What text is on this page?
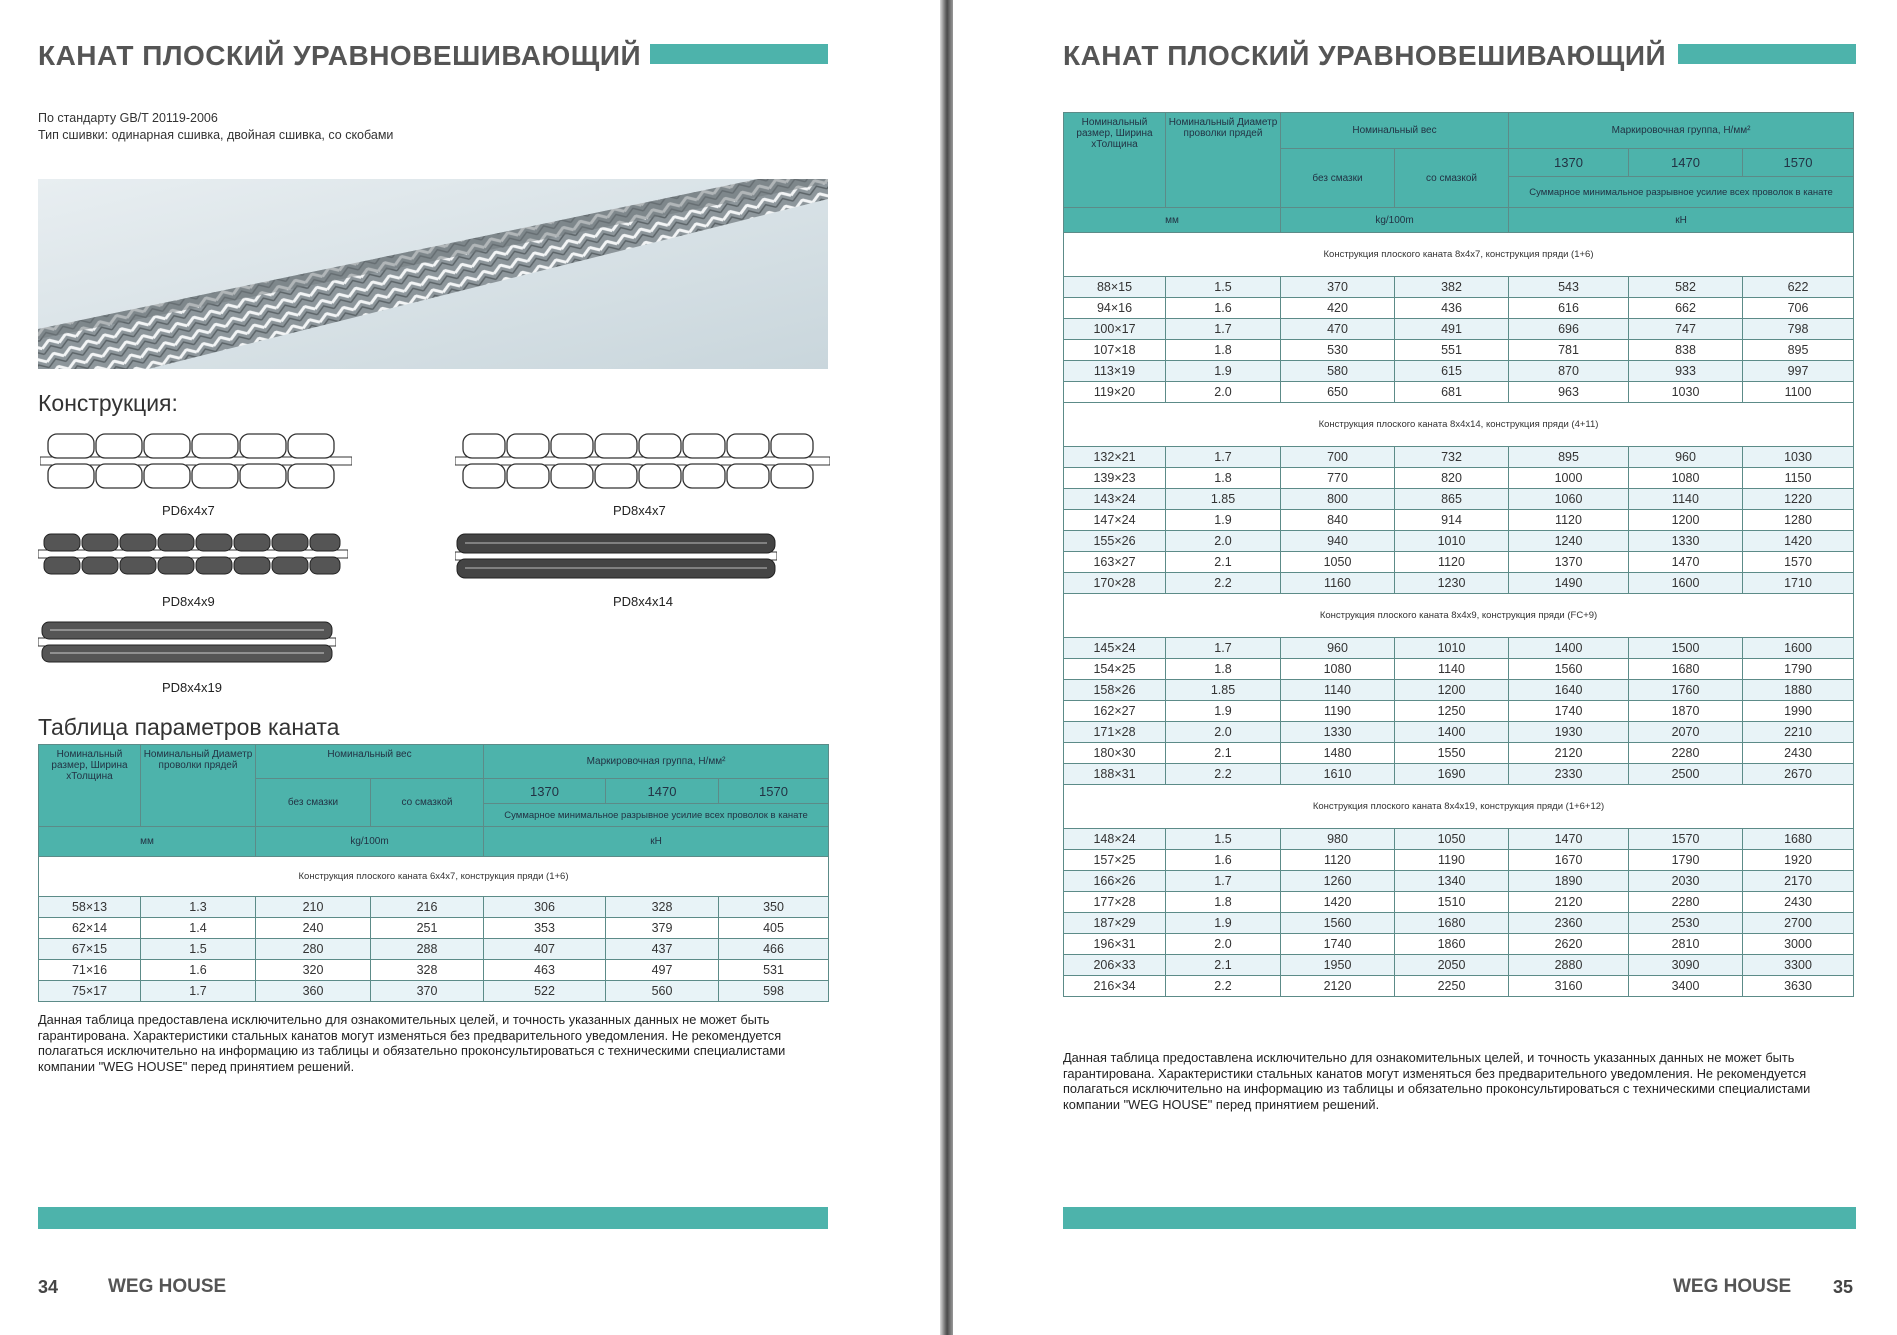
КАНАТ ПЛОСКИЙ УРАВНОВЕШИВАЮЩИЙ
По стандарту GB/T 20119-2006
Тип сшивки: одинарная сшивка, двойная сшивка, со скобами
Конструкция:
PD6x4x7	PD8x4x7
PD8x4x9	PD8x4x14
PD8x4x19
Таблица параметров каната
Номинальный размер, Ширина хТолщина	Номинальный Диаметр проволки прядей	Номинальный вес		Маркировочная группа, Н/мм²		
		без смазки	со смазкой	1370	1470	1570
				Суммарное минимальное разрывное усилие всех проволок в канате		
мм		kg/100m		кН		
Конструкция плоского каната 6x4x7, конструкция пряди (1+6)						
58×13	1.3	210	216	306	328	350
62×14	1.4	240	251	353	379	405
67×15	1.5	280	288	407	437	466
71×16	1.6	320	328	463	497	531
75×17	1.7	360	370	522	560	598
Данная таблица предоставлена исключительно для ознакомительных целей, и точность указанных данных не может быть гарантирована. Характеристики стальных канатов могут изменяться без предварительного уведомления. Не рекомендуется полагаться исключительно на информацию из таблицы и обязательно проконсультироваться с техническими специалистами компании "WEG HOUSE" перед принятием решений.
34	WEG HOUSE
КАНАТ ПЛОСКИЙ УРАВНОВЕШИВАЮЩИЙ
Номинальный размер, Ширина хТолщина	Номинальный Диаметр проволки прядей	Номинальный вес		Маркировочная группа, Н/мм²		
		без смазки	со смазкой	1370	1470	1570
				Суммарное минимальное разрывное усилие всех проволок в канате		
мм		kg/100m		кН		
Конструкция плоского каната 8x4x7, конструкция пряди (1+6)						
88×15	1.5	370	382	543	582	622
94×16	1.6	420	436	616	662	706
100×17	1.7	470	491	696	747	798
107×18	1.8	530	551	781	838	895
113×19	1.9	580	615	870	933	997
119×20	2.0	650	681	963	1030	1100
Конструкция плоского каната 8x4x14, конструкция пряди (4+11)						
132×21	1.7	700	732	895	960	1030
139×23	1.8	770	820	1000	1080	1150
143×24	1.85	800	865	1060	1140	1220
147×24	1.9	840	914	1120	1200	1280
155×26	2.0	940	1010	1240	1330	1420
163×27	2.1	1050	1120	1370	1470	1570
170×28	2.2	1160	1230	1490	1600	1710
Конструкция плоского каната 8x4x9, конструкция пряди (FC+9)						
145×24	1.7	960	1010	1400	1500	1600
154×25	1.8	1080	1140	1560	1680	1790
158×26	1.85	1140	1200	1640	1760	1880
162×27	1.9	1190	1250	1740	1870	1990
171×28	2.0	1330	1400	1930	2070	2210
180×30	2.1	1480	1550	2120	2280	2430
188×31	2.2	1610	1690	2330	2500	2670
Конструкция плоского каната 8x4x19, конструкция пряди (1+6+12)						
148×24	1.5	980	1050	1470	1570	1680
157×25	1.6	1120	1190	1670	1790	1920
166×26	1.7	1260	1340	1890	2030	2170
177×28	1.8	1420	1510	2120	2280	2430
187×29	1.9	1560	1680	2360	2530	2700
196×31	2.0	1740	1860	2620	2810	3000
206×33	2.1	1950	2050	2880	3090	3300
216×34	2.2	2120	2250	3160	3400	3630
Данная таблица предоставлена исключительно для ознакомительных целей, и точность указанных данных не может быть гарантирована. Характеристики стальных канатов могут изменяться без предварительного уведомления. Не рекомендуется полагаться исключительно на информацию из таблицы и обязательно проконсультироваться с техническими специалистами компании "WEG HOUSE" перед принятием решений.
WEG HOUSE 35
